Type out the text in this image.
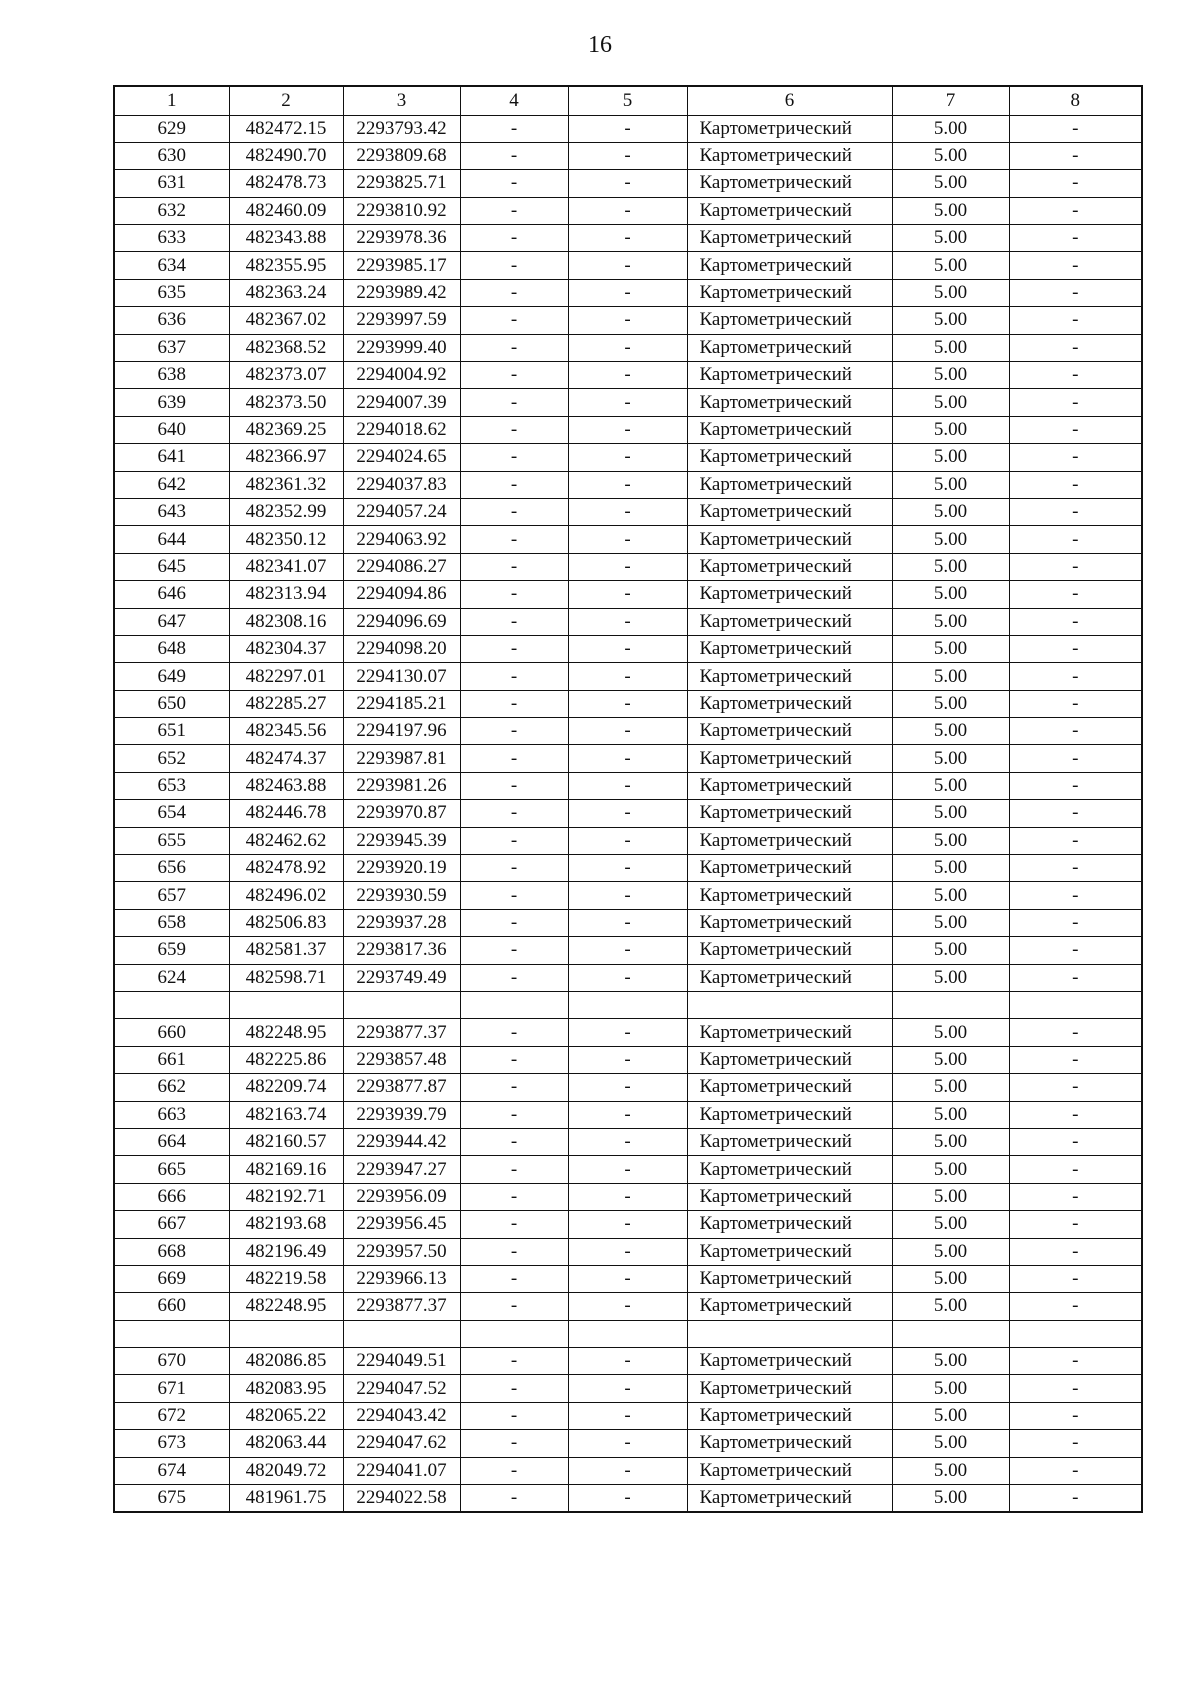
16
1	2	3	4	5	6	7	8
629	482472.15	2293793.42	-	-	Картометрический	5.00	-
630	482490.70	2293809.68	-	-	Картометрический	5.00	-
631	482478.73	2293825.71	-	-	Картометрический	5.00	-
632	482460.09	2293810.92	-	-	Картометрический	5.00	-
633	482343.88	2293978.36	-	-	Картометрический	5.00	-
634	482355.95	2293985.17	-	-	Картометрический	5.00	-
635	482363.24	2293989.42	-	-	Картометрический	5.00	-
636	482367.02	2293997.59	-	-	Картометрический	5.00	-
637	482368.52	2293999.40	-	-	Картометрический	5.00	-
638	482373.07	2294004.92	-	-	Картометрический	5.00	-
639	482373.50	2294007.39	-	-	Картометрический	5.00	-
640	482369.25	2294018.62	-	-	Картометрический	5.00	-
641	482366.97	2294024.65	-	-	Картометрический	5.00	-
642	482361.32	2294037.83	-	-	Картометрический	5.00	-
643	482352.99	2294057.24	-	-	Картометрический	5.00	-
644	482350.12	2294063.92	-	-	Картометрический	5.00	-
645	482341.07	2294086.27	-	-	Картометрический	5.00	-
646	482313.94	2294094.86	-	-	Картометрический	5.00	-
647	482308.16	2294096.69	-	-	Картометрический	5.00	-
648	482304.37	2294098.20	-	-	Картометрический	5.00	-
649	482297.01	2294130.07	-	-	Картометрический	5.00	-
650	482285.27	2294185.21	-	-	Картометрический	5.00	-
651	482345.56	2294197.96	-	-	Картометрический	5.00	-
652	482474.37	2293987.81	-	-	Картометрический	5.00	-
653	482463.88	2293981.26	-	-	Картометрический	5.00	-
654	482446.78	2293970.87	-	-	Картометрический	5.00	-
655	482462.62	2293945.39	-	-	Картометрический	5.00	-
656	482478.92	2293920.19	-	-	Картометрический	5.00	-
657	482496.02	2293930.59	-	-	Картометрический	5.00	-
658	482506.83	2293937.28	-	-	Картометрический	5.00	-
659	482581.37	2293817.36	-	-	Картометрический	5.00	-
624	482598.71	2293749.49	-	-	Картометрический	5.00	-

660	482248.95	2293877.37	-	-	Картометрический	5.00	-
661	482225.86	2293857.48	-	-	Картометрический	5.00	-
662	482209.74	2293877.87	-	-	Картометрический	5.00	-
663	482163.74	2293939.79	-	-	Картометрический	5.00	-
664	482160.57	2293944.42	-	-	Картометрический	5.00	-
665	482169.16	2293947.27	-	-	Картометрический	5.00	-
666	482192.71	2293956.09	-	-	Картометрический	5.00	-
667	482193.68	2293956.45	-	-	Картометрический	5.00	-
668	482196.49	2293957.50	-	-	Картометрический	5.00	-
669	482219.58	2293966.13	-	-	Картометрический	5.00	-
660	482248.95	2293877.37	-	-	Картометрический	5.00	-

670	482086.85	2294049.51	-	-	Картометрический	5.00	-
671	482083.95	2294047.52	-	-	Картометрический	5.00	-
672	482065.22	2294043.42	-	-	Картометрический	5.00	-
673	482063.44	2294047.62	-	-	Картометрический	5.00	-
674	482049.72	2294041.07	-	-	Картометрический	5.00	-
675	481961.75	2294022.58	-	-	Картометрический	5.00	-
